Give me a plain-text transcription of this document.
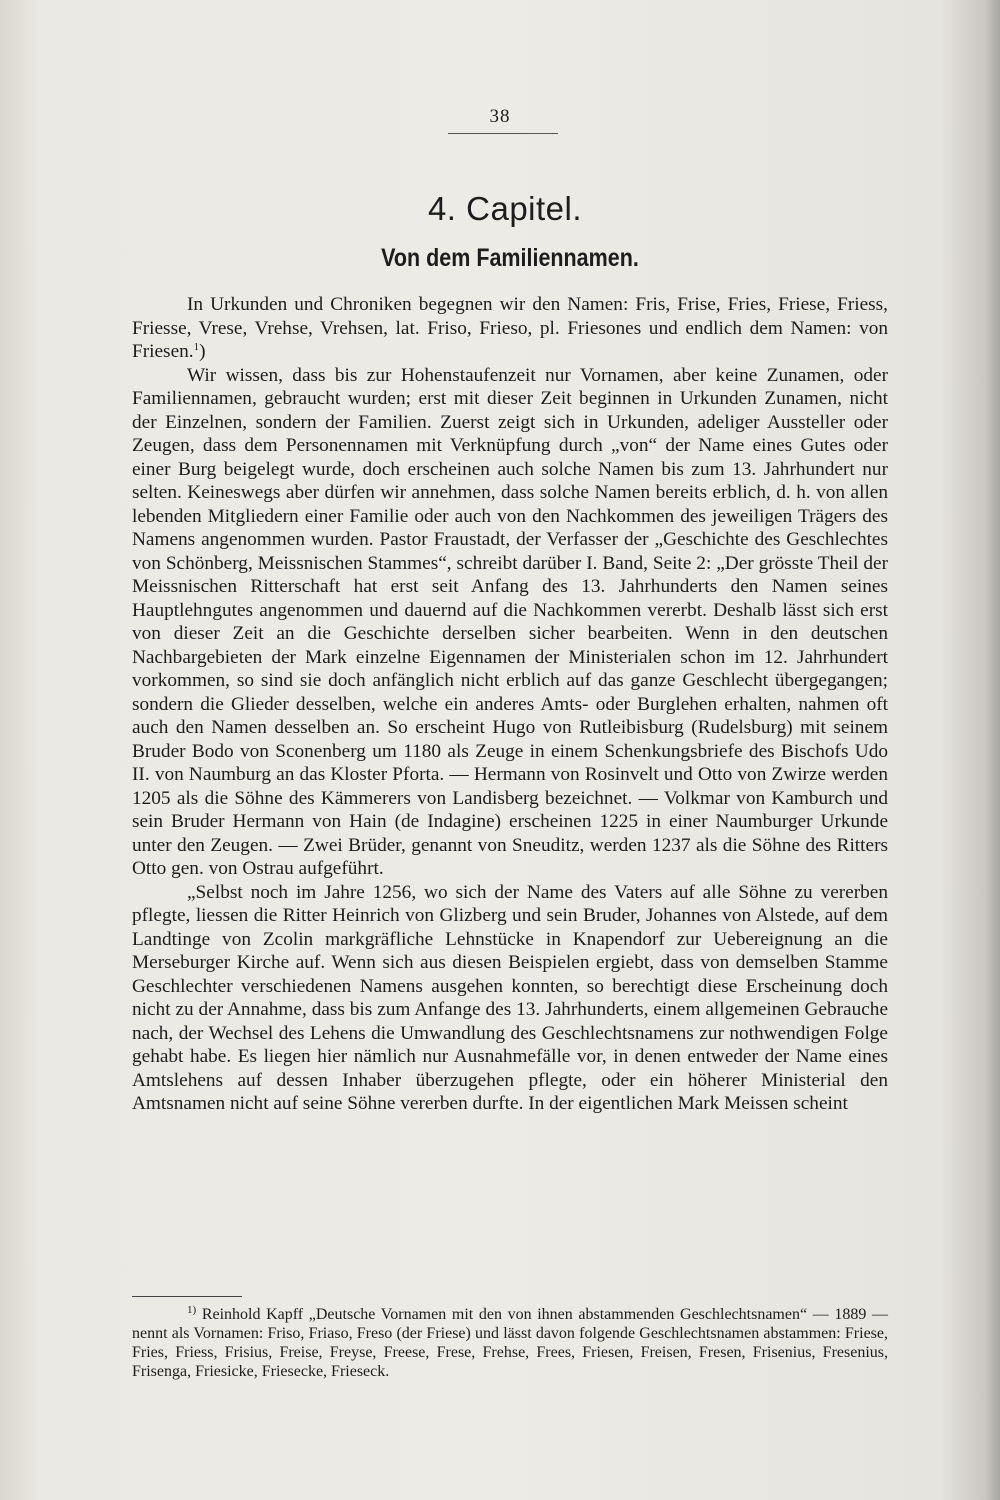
38
4. Capitel.
Von dem Familiennamen.

In Urkunden und Chroniken begegnen wir den Namen: Fris, Frise, Fries, Friese, Friess, Friesse, Vrese, Vrehse, Vrehsen, lat. Friso, Frieso, pl. Friesones und endlich dem Namen: von Friesen.$^1$)

Wir wissen, dass bis zur Hohenstaufenzeit nur Vornamen, aber keine Zunamen, oder Familiennamen, gebraucht wurden; erst mit dieser Zeit beginnen in Urkunden Zunamen, nicht der Einzelnen, sondern der Familien. Zuerst zeigt sich in Urkunden, adeliger Aussteller oder Zeugen, dass dem Personennamen mit Verknüpfung durch „von“ der Name eines Gutes oder einer Burg beigelegt wurde, doch erscheinen auch solche Namen bis zum 13. Jahrhundert nur selten. Keineswegs aber dürfen wir annehmen, dass solche Namen bereits erblich, d. h. von allen lebenden Mitgliedern einer Familie oder auch von den Nachkommen des jeweiligen Trägers des Namens angenommen wurden. Pastor Fraustadt, der Verfasser der „Geschichte des Geschlechtes von Schönberg, Meissnischen Stammes“, schreibt darüber I. Band, Seite 2: „Der grösste Theil der Meissnischen Ritterschaft hat erst seit Anfang des 13. Jahrhunderts den Namen seines Hauptlehngutes angenommen und dauernd auf die Nachkommen vererbt. Deshalb lässt sich erst von dieser Zeit an die Geschichte derselben sicher bearbeiten. Wenn in den deutschen Nachbargebieten der Mark einzelne Eigennamen der Ministerialen schon im 12. Jahrhundert vorkommen, so sind sie doch anfänglich nicht erblich auf das ganze Geschlecht übergegangen; sondern die Glieder desselben, welche ein anderes Amts- oder Burglehen erhalten, nahmen oft auch den Namen desselben an. So erscheint Hugo von Rutleibisburg (Rudelsburg) mit seinem Bruder Bodo von Sconenberg um 1180 als Zeuge in einem Schenkungsbriefe des Bischofs Udo II. von Naumburg an das Kloster Pforta. — Hermann von Rosinvelt und Otto von Zwirze werden 1205 als die Söhne des Kämmerers von Landisberg bezeichnet. — Volkmar von Kamburch und sein Bruder Hermann von Hain (de Indagine) erscheinen 1225 in einer Naumburger Urkunde unter den Zeugen. — Zwei Brüder, genannt von Sneuditz, werden 1237 als die Söhne des Ritters Otto gen. von Ostrau aufgeführt.

„Selbst noch im Jahre 1256, wo sich der Name des Vaters auf alle Söhne zu vererben pflegte, liessen die Ritter Heinrich von Glizberg und sein Bruder, Johannes von Alstede, auf dem Landtinge von Zcolin markgräfliche Lehnstücke in Knapendorf zur Uebereignung an die Merseburger Kirche auf. Wenn sich aus diesen Beispielen ergiebt, dass von demselben Stamme Geschlechter verschiedenen Namens ausgehen konnten, so berechtigt diese Erscheinung doch nicht zu der Annahme, dass bis zum Anfange des 13. Jahrhunderts, einem allgemeinen Gebrauche nach, der Wechsel des Lehens die Umwandlung des Geschlechtsnamens zur nothwendigen Folge gehabt habe. Es liegen hier nämlich nur Ausnahmefälle vor, in denen entweder der Name eines Amtslehens auf dessen Inhaber überzugehen pflegte, oder ein höherer Ministerial den Amtsnamen nicht auf seine Söhne vererben durfte. In der eigentlichen Mark Meissen scheint

$^{1)}$ Reinhold Kapff „Deutsche Vornamen mit den von ihnen abstammenden Geschlechtsnamen“ — 1889 — nennt als Vornamen: Friso, Friaso, Freso (der Friese) und lässt davon folgende Geschlechtsnamen abstammen: Friese, Fries, Friess, Frisius, Freise, Freyse, Freese, Frese, Frehse, Frees, Friesen, Freisen, Fresen, Frisenius, Fresenius, Frisenga, Friesicke, Friesecke, Frieseck.
